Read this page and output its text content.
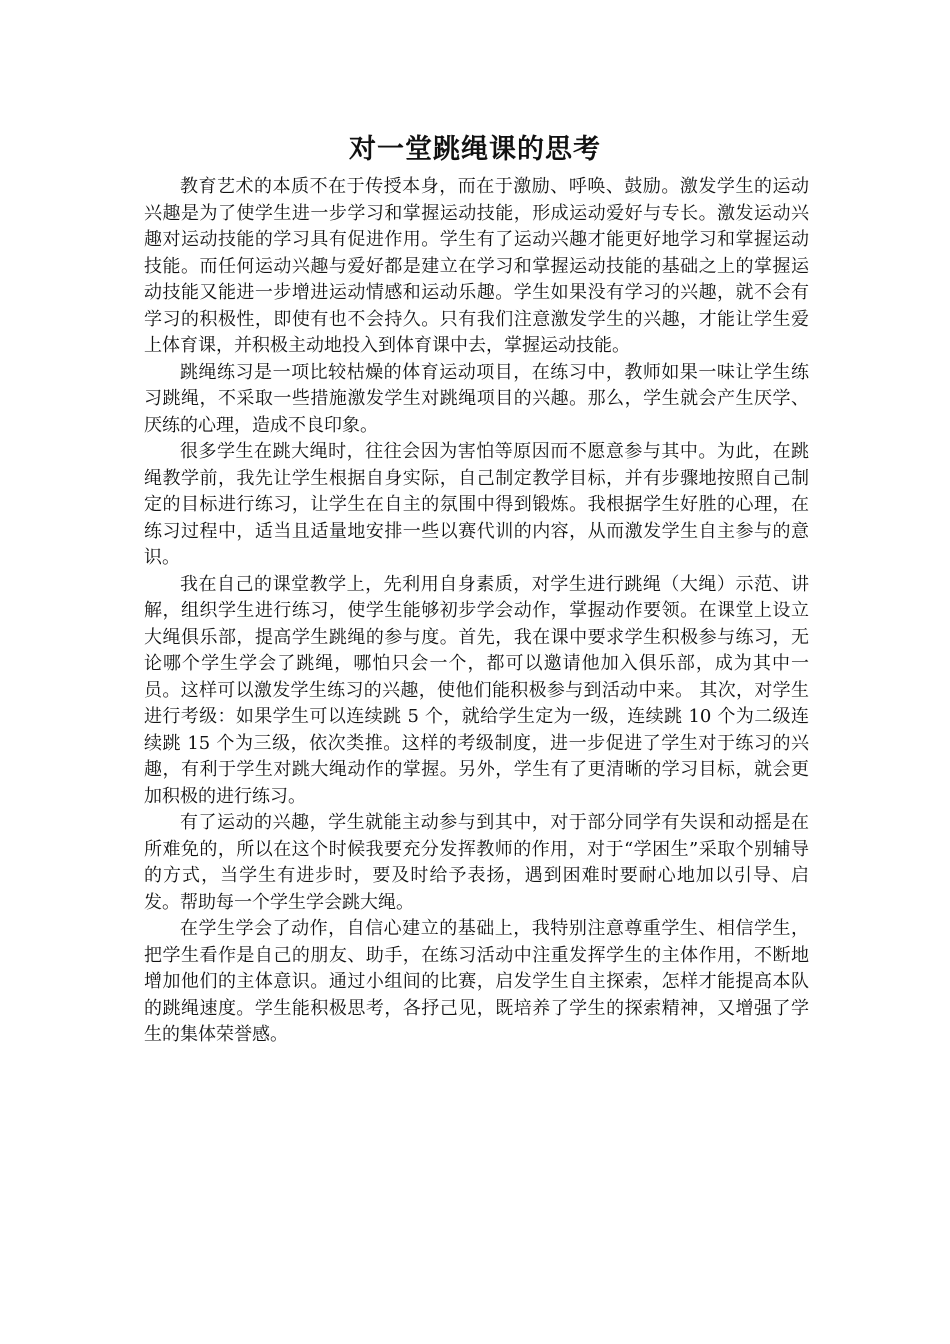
对一堂跳绳课的思考

教育艺术的本质不在于传授本身，而在于激励、呼唤、鼓励。激发学生的运动兴趣是为了使学生进一步学习和掌握运动技能，形成运动爱好与专长。激发运动兴趣对运动技能的学习具有促进作用。学生有了运动兴趣才能更好地学习和掌握运动技能。而任何运动兴趣与爱好都是建立在学习和掌握运动技能的基础之上的掌握运动技能又能进一步增进运动情感和运动乐趣。学生如果没有学习的兴趣，就不会有学习的积极性，即使有也不会持久。只有我们注意激发学生的兴趣，才能让学生爱上体育课，并积极主动地投入到体育课中去，掌握运动技能。

跳绳练习是一项比较枯燥的体育运动项目，在练习中，教师如果一味让学生练习跳绳，不采取一些措施激发学生对跳绳项目的兴趣。那么，学生就会产生厌学、厌练的心理，造成不良印象。

很多学生在跳大绳时，往往会因为害怕等原因而不愿意参与其中。为此，在跳绳教学前，我先让学生根据自身实际，自己制定教学目标，并有步骤地按照自己制定的目标进行练习，让学生在自主的氛围中得到锻炼。我根据学生好胜的心理，在练习过程中，适当且适量地安排一些以赛代训的内容，从而激发学生自主参与的意识。

我在自己的课堂教学上，先利用自身素质，对学生进行跳绳（大绳）示范、讲解，组织学生进行练习，使学生能够初步学会动作，掌握动作要领。在课堂上设立大绳俱乐部，提高学生跳绳的参与度。首先，我在课中要求学生积极参与练习，无论哪个学生学会了跳绳，哪怕只会一个，都可以邀请他加入俱乐部，成为其中一员。这样可以激发学生练习的兴趣，使他们能积极参与到活动中来。 其次，对学生进行考级：如果学生可以连续跳 5 个，就给学生定为一级，连续跳 10 个为二级连续跳 15 个为三级，依次类推。这样的考级制度，进一步促进了学生对于练习的兴趣，有利于学生对跳大绳动作的掌握。另外，学生有了更清晰的学习目标，就会更加积极的进行练习。

有了运动的兴趣，学生就能主动参与到其中，对于部分同学有失误和动摇是在所难免的，所以在这个时候我要充分发挥教师的作用，对于“学困生”采取个别辅导的方式，当学生有进步时，要及时给予表扬，遇到困难时要耐心地加以引导、启发。帮助每一个学生学会跳大绳。

在学生学会了动作，自信心建立的基础上，我特别注意尊重学生、相信学生，把学生看作是自己的朋友、助手，在练习活动中注重发挥学生的主体作用，不断地增加他们的主体意识。通过小组间的比赛，启发学生自主探索，怎样才能提高本队的跳绳速度。学生能积极思考，各抒己见，既培养了学生的探索精神，又增强了学生的集体荣誉感。
